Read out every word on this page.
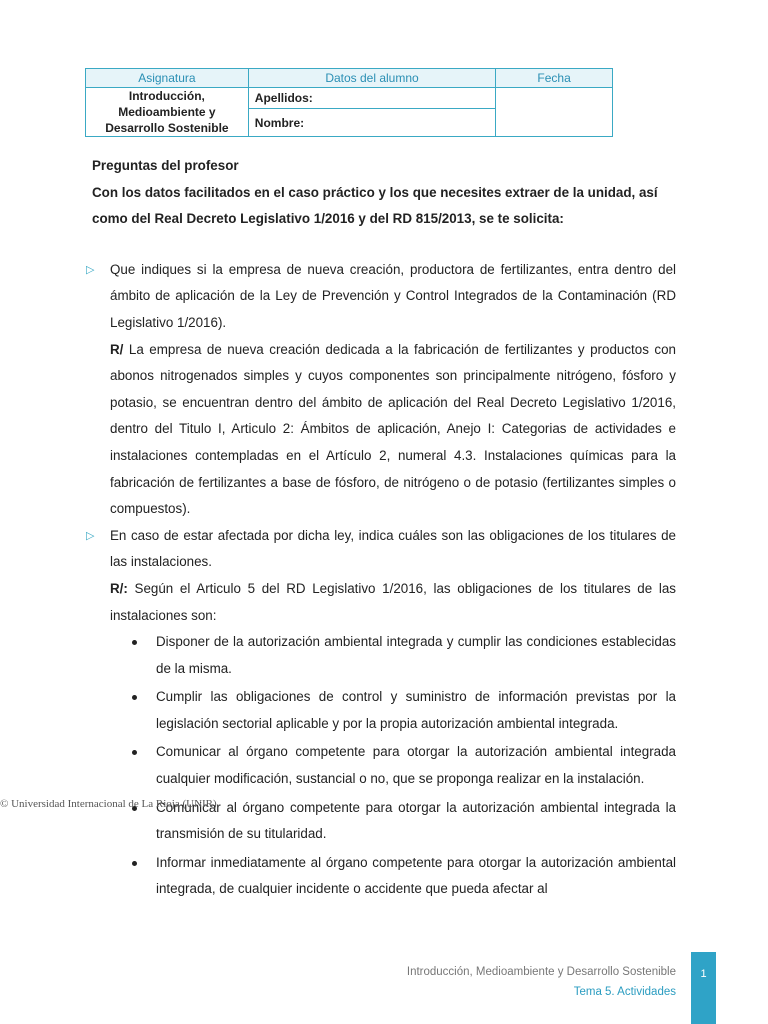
Asignatura	Datos del alumno	Fecha
Introducción, Medioambiente y Desarrollo Sostenible	Apellidos:	
	Nombre:	

Preguntas del profesor

Con los datos facilitados en el caso práctico y los que necesites extraer de la unidad, así

como del Real Decreto Legislativo 1/2016 y del RD 815/2013, se te solicita:

▷ Que indiques si la empresa de nueva creación, productora de fertilizantes, entra dentro del ámbito de aplicación de la Ley de Prevención y Control Integrados de la Contaminación (RD Legislativo 1/2016).

R/ La empresa de nueva creación dedicada a la fabricación de fertilizantes y productos con abonos nitrogenados simples y cuyos componentes son principalmente nitrógeno, fósforo y potasio, se encuentran dentro del ámbito de aplicación del Real Decreto Legislativo 1/2016, dentro del Titulo I, Articulo 2: Ámbitos de aplicación, Anejo I: Categorias de actividades e instalaciones contempladas en el Artículo 2, numeral 4.3. Instalaciones químicas para la fabricación de fertilizantes a base de fósforo, de nitrógeno o de potasio (fertilizantes simples o compuestos).

▷ En caso de estar afectada por dicha ley, indica cuáles son las obligaciones de los titulares de las instalaciones.

R/: Según el Articulo 5 del RD Legislativo 1/2016, las obligaciones de los titulares de las instalaciones son:

Disponer de la autorización ambiental integrada y cumplir las condiciones establecidas de la misma.
Cumplir las obligaciones de control y suministro de información previstas por la legislación sectorial aplicable y por la propia autorización ambiental integrada.
Comunicar al órgano competente para otorgar la autorización ambiental integrada cualquier modificación, sustancial o no, que se proponga realizar en la instalación.
Comunicar al órgano competente para otorgar la autorización ambiental integrada la transmisión de su titularidad.
Informar inmediatamente al órgano competente para otorgar la autorización ambiental integrada, de cualquier incidente o accidente que pueda afectar al
© Universidad Internacional de La Rioja (UNIR)
Introducción, Medioambiente y Desarrollo Sostenible
Tema 5. Actividades
1
